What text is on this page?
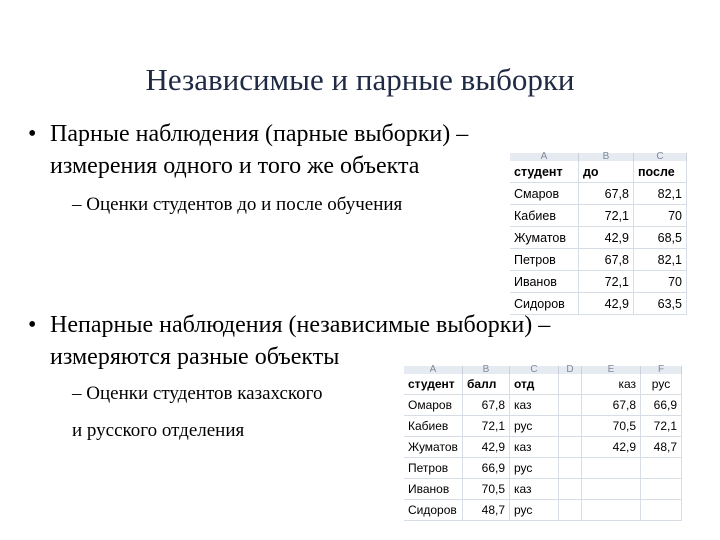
Независимые и парные выборки
• Парные наблюдения (парные выборки) –
измерения одного и того же объекта
– Оценки студентов до и после обучения
• Непарные наблюдения (независимые выборки) –
измеряются разные объекты
– Оценки студентов казахского
и русского отделения
A	B	C
студент	до	после
Смаров	67,8	82,1
Кабиев	72,1	70
Жуматов	42,9	68,5
Петров	67,8	82,1
Иванов	72,1	70
Сидоров	42,9	63,5
A	B	C	D	E	F
студент	балл	отд		каз	рус
Омаров	67,8	каз		67,8	66,9
Кабиев	72,1	рус		70,5	72,1
Жуматов	42,9	каз		42,9	48,7
Петров	66,9	рус			
Иванов	70,5	каз			
Сидоров	48,7	рус			
